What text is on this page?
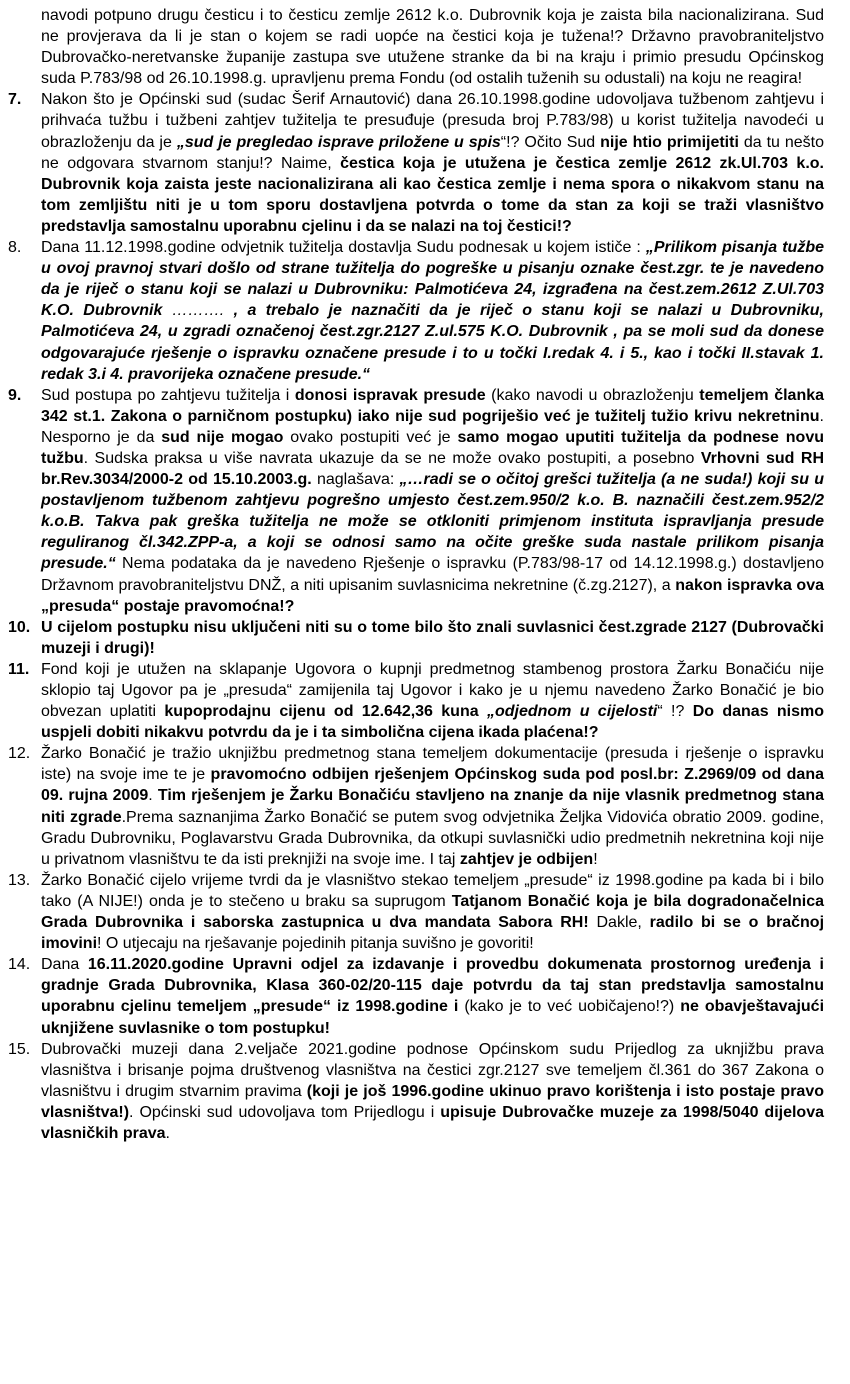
navodi potpuno drugu česticu i to česticu zemlje 2612 k.o. Dubrovnik koja je zaista bila nacionalizirana. Sud ne provjerava da li je stan o kojem se radi uopće na čestici koja je tužena!? Državno pravobraniteljstvo Dubrovačko-neretvanske županije zastupa sve utužene stranke da bi na kraju i primio presudu Općinskog suda P.783/98 od 26.10.1998.g. upravljenu prema Fondu (od ostalih tuženih su odustali) na koju ne reagira!
7.	Nakon što je Općinski sud (sudac Šerif Arnautović) dana 26.10.1998.godine udovoljava tužbenom zahtjevu i prihvaća tužbu i tužbeni zahtjev tužitelja te presuđuje (presuda broj P.783/98) u korist tužitelja navodeći u obrazloženju da je „sud je pregledao isprave priložene u spis“!? Očito Sud nije htio primijetiti da tu nešto ne odgovara stvarnom stanju!? Naime, čestica koja je utužena je čestica zemlje 2612 zk.Ul.703 k.o. Dubrovnik koja zaista jeste nacionalizirana ali kao čestica zemlje i nema spora o nikakvom stanu na tom zemljištu niti je u tom sporu dostavljena potvrda o tome da stan za koji se traži vlasništvo predstavlja samostalnu uporabnu cjelinu i da se nalazi na toj čestici!?
8.	Dana 11.12.1998.godine odvjetnik tužitelja dostavlja Sudu podnesak u kojem ističe : „Prilikom pisanja tužbe u ovoj pravnoj stvari došlo od strane tužitelja do pogreške u pisanju oznake čest.zgr. te je navedeno da je riječ o stanu koji se nalazi u Dubrovniku: Palmotićeva 24, izgrađena na čest.zem.2612 Z.Ul.703 K.O. Dubrovnik ………. , a trebalo je naznačiti da je riječ o stanu koji se nalazi u Dubrovniku, Palmotićeva 24, u zgradi označenoj čest.zgr.2127 Z.ul.575 K.O. Dubrovnik , pa se moli sud da donese odgovarajuće rješenje o ispravku označene presude i to u točki I.redak 4. i 5., kao i točki II.stavak 1. redak 3.i 4. pravorijeka označene presude.“
9.	Sud postupa po zahtjevu tužitelja i donosi ispravak presude (kako navodi u obrazloženju temeljem članka 342 st.1. Zakona o parničnom postupku) iako nije sud pogriješio već je tužitelj tužio krivu nekretninu. Nesporno je da sud nije mogao ovako postupiti već je samo mogao uputiti tužitelja da podnese novu tužbu. Sudska praksa u više navrata ukazuje da se ne može ovako postupiti, a posebno Vrhovni sud RH br.Rev.3034/2000-2 od 15.10.2003.g. naglašava: „…radi se o očitoj grešci tužitelja (a ne suda!) koji su u postavljenom tužbenom zahtjevu pogrešno umjesto čest.zem.950/2 k.o. B. naznačili čest.zem.952/2 k.o.B. Takva pak greška tužitelja ne može se otkloniti primjenom instituta ispravljanja presude reguliranog čl.342.ZPP-a, a koji se odnosi samo na očite greške suda nastale prilikom pisanja presude.“ Nema podataka da je navedeno Rješenje o ispravku (P.783/98-17 od 14.12.1998.g.) dostavljeno Državnom pravobraniteljstvu DNŽ, a niti upisanim suvlasnicima nekretnine (č.zg.2127), a nakon ispravka ova „presuda“ postaje pravomoćna!?
10. U cijelom postupku nisu uključeni niti su o tome bilo što znali suvlasnici čest.zgrade 2127 (Dubrovački muzeji i drugi)!
11. Fond koji je utužen na sklapanje Ugovora o kupnji predmetnog stambenog prostora Žarku Bonačiću nije sklopio taj Ugovor pa je „presuda“ zamijenila taj Ugovor i kako je u njemu navedeno Žarko Bonačić je bio obvezan uplatiti kupoprodajnu cijenu od 12.642,36 kuna „odjednom u cijelosti“ !? Do danas nismo uspjeli dobiti nikakvu potvrdu da je i ta simbolična cijena ikada plaćena!?
12. Žarko Bonačić je tražio uknjižbu predmetnog stana temeljem dokumentacije (presuda i rješenje o ispravku iste) na svoje ime te je pravomoćno odbijen rješenjem Općinskog suda pod posl.br: Z.2969/09 od dana 09. rujna 2009. Tim rješenjem je Žarku Bonačiću stavljeno na znanje da nije vlasnik predmetnog stana niti zgrade.Prema saznanjima Žarko Bonačić se putem svog odvjetnika Željka Vidovića obratio 2009. godine, Gradu Dubrovniku, Poglavarstvu Grada Dubrovnika, da otkupi suvlasnički udio predmetnih nekretnina koji nije u privatnom vlasništvu te da isti preknjiži na svoje ime. I taj zahtjev je odbijen!
13. Žarko Bonačić cijelo vrijeme tvrdi da je vlasništvo stekao temeljem „presude“ iz 1998.godine pa kada bi i bilo tako (A NIJE!) onda je to stečeno u braku sa suprugom Tatjanom Bonačić koja je bila dogradonačelnica Grada Dubrovnika i saborska zastupnica u dva mandata Sabora RH! Dakle, radilo bi se o bračnoj imovini! O utjecaju na rješavanje pojedinih pitanja suvišno je govoriti!
14. Dana 16.11.2020.godine Upravni odjel za izdavanje i provedbu dokumenata prostornog uređenja i gradnje Grada Dubrovnika, Klasa 360-02/20-115 daje potvrdu da taj stan predstavlja samostalnu uporabnu cjelinu temeljem „presude“ iz 1998.godine i (kako je to već uobičajeno!?) ne obavještavajući uknjižene suvlasnike o tom postupku!
15. Dubrovački muzeji dana 2.veljače 2021.godine podnose Općinskom sudu Prijedlog za uknjižbu prava vlasništva i brisanje pojma društvenog vlasništva na čestici zgr.2127 sve temeljem čl.361 do 367 Zakona o vlasništvu i drugim stvarnim pravima (koji je još 1996.godine ukinuo pravo korištenja i isto postaje pravo vlasništva!). Općinski sud udovoljava tom Prijedlogu i upisuje Dubrovačke muzeje za 1998/5040 dijelova vlasničkih prava.
